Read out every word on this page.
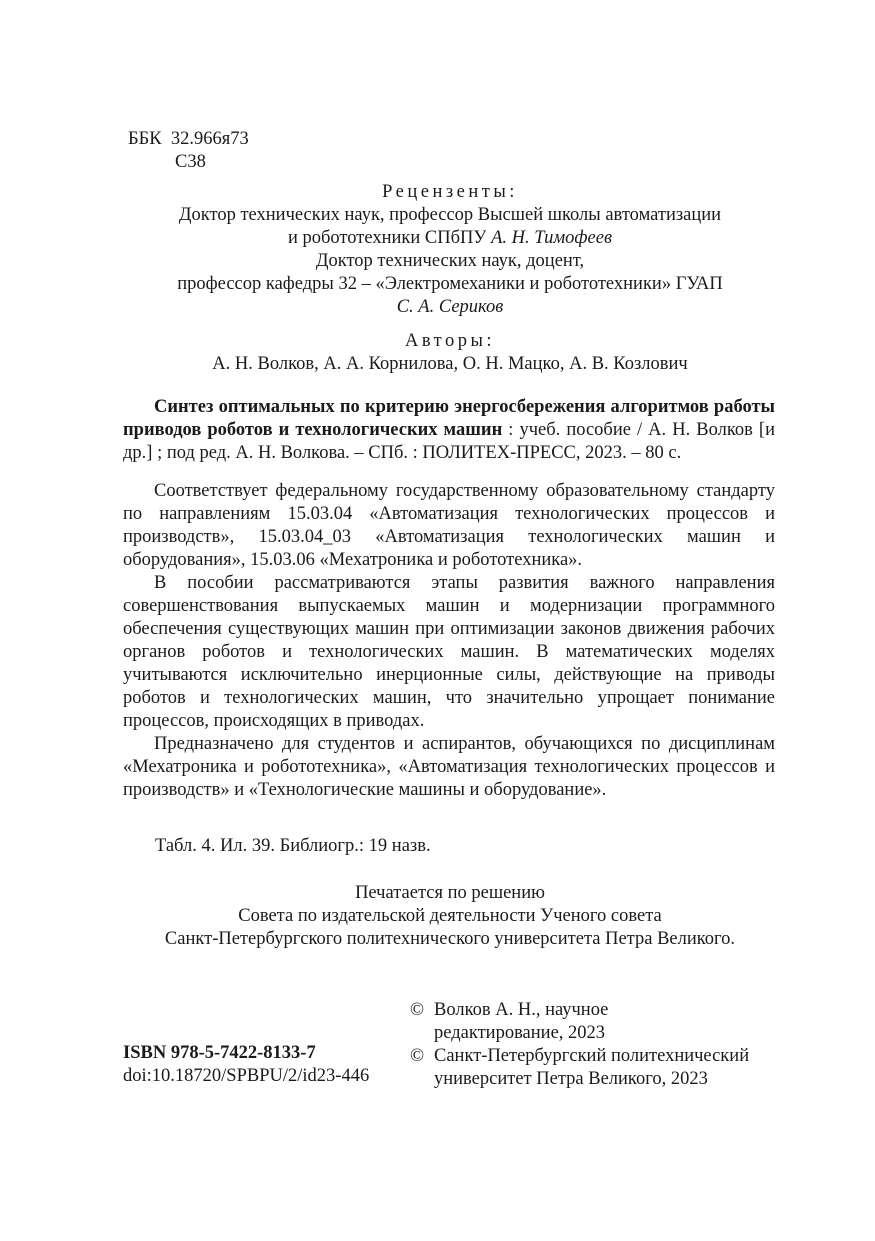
ББК  32.966я73
С38
Рецензенты:
Доктор технических наук, профессор Высшей школы автоматизации
и робототехники СПбПУ А. Н. Тимофеев
Доктор технических наук, доцент,
профессор кафедры 32 – «Электромеханики и робототехники» ГУАП
С. А. Сериков
Авторы:
А. Н. Волков, А. А. Корнилова, О. Н. Мацко, А. В. Козлович
Синтез оптимальных по критерию энергосбережения алгоритмов работы приводов роботов и технологических машин : учеб. пособие / А. Н. Волков [и др.] ; под ред. А. Н. Волкова. – СПб. : ПОЛИТЕХ-ПРЕСС, 2023. – 80 с.

Соответствует федеральному государственному образовательному стандарту по направлениям 15.03.04 «Автоматизация технологических процессов и производств», 15.03.04_03 «Автоматизация технологических машин и оборудования», 15.03.06 «Мехатроника и робототехника».

В пособии рассматриваются этапы развития важного направления совершенствования выпускаемых машин и модернизации программного обеспечения существующих машин при оптимизации законов движения рабочих органов роботов и технологических машин. В математических моделях учитываются исключительно инерционные силы, действующие на приводы роботов и технологических машин, что значительно упрощает понимание процессов, происходящих в приводах.

Предназначено для студентов и аспирантов, обучающихся по дисциплинам «Мехатроника и робототехника», «Автоматизация технологических процессов и производств» и «Технологические машины и оборудование».

Табл. 4. Ил. 39. Библиогр.: 19 назв.
Печатается по решению
Совета по издательской деятельности Ученого совета
Санкт-Петербургского политехнического университета Петра Великого.
ISBN 978-5-7422-8133-7
doi:10.18720/SPBPU/2/id23-446
© Волков А. Н., научное
редактирование, 2023
© Санкт-Петербургский политехнический
университет Петра Великого, 2023
